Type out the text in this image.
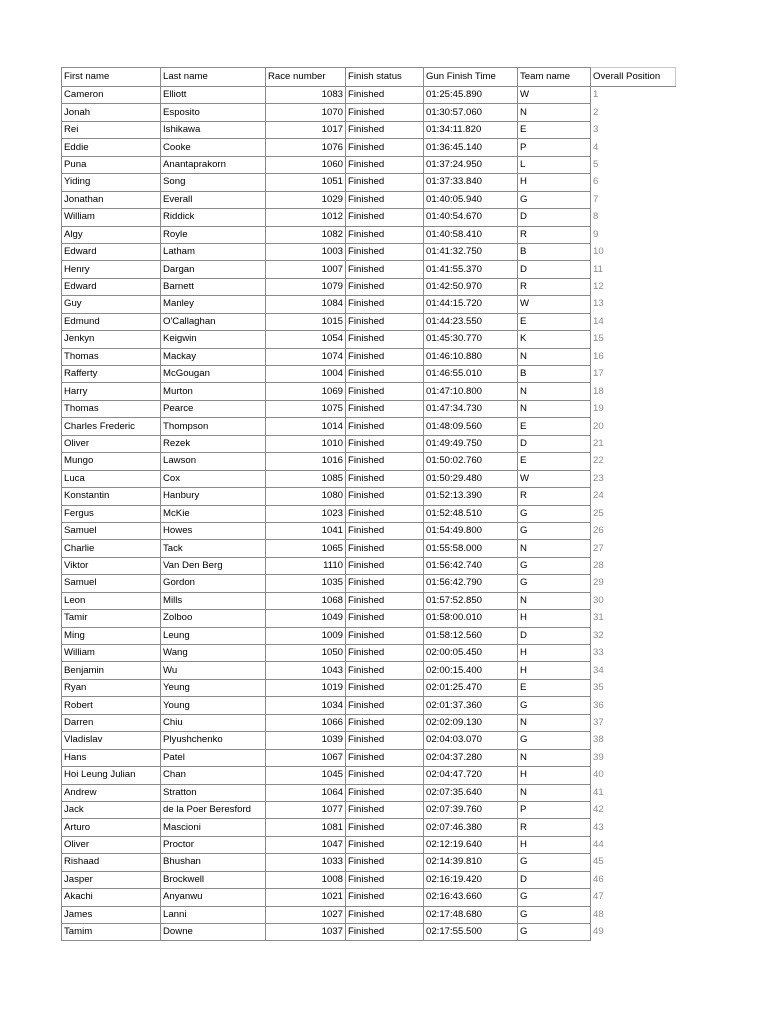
First name	Last name	Race number	Finish status	Gun Finish Time	Team name	Overall Position
Cameron	Elliott	1083	Finished	01:25:45.890	W	1
Jonah	Esposito	1070	Finished	01:30:57.060	N	2
Rei	Ishikawa	1017	Finished	01:34:11.820	E	3
Eddie	Cooke	1076	Finished	01:36:45.140	P	4
Puna	Anantaprakorn	1060	Finished	01:37:24.950	L	5
Yiding	Song	1051	Finished	01:37:33.840	H	6
Jonathan	Everall	1029	Finished	01:40:05.940	G	7
William	Riddick	1012	Finished	01:40:54.670	D	8
Algy	Royle	1082	Finished	01:40:58.410	R	9
Edward	Latham	1003	Finished	01:41:32.750	B	10
Henry	Dargan	1007	Finished	01:41:55.370	D	11
Edward	Barnett	1079	Finished	01:42:50.970	R	12
Guy	Manley	1084	Finished	01:44:15.720	W	13
Edmund	O'Callaghan	1015	Finished	01:44:23.550	E	14
Jenkyn	Keigwin	1054	Finished	01:45:30.770	K	15
Thomas	Mackay	1074	Finished	01:46:10.880	N	16
Rafferty	McGougan	1004	Finished	01:46:55.010	B	17
Harry	Murton	1069	Finished	01:47:10.800	N	18
Thomas	Pearce	1075	Finished	01:47:34.730	N	19
Charles Frederic	Thompson	1014	Finished	01:48:09.560	E	20
Oliver	Rezek	1010	Finished	01:49:49.750	D	21
Mungo	Lawson	1016	Finished	01:50:02.760	E	22
Luca	Cox	1085	Finished	01:50:29.480	W	23
Konstantin	Hanbury	1080	Finished	01:52:13.390	R	24
Fergus	McKie	1023	Finished	01:52:48.510	G	25
Samuel	Howes	1041	Finished	01:54:49.800	G	26
Charlie	Tack	1065	Finished	01:55:58.000	N	27
Viktor	Van Den Berg	1110	Finished	01:56:42.740	G	28
Samuel	Gordon	1035	Finished	01:56:42.790	G	29
Leon	Mills	1068	Finished	01:57:52.850	N	30
Tamir	Zolboo	1049	Finished	01:58:00.010	H	31
Ming	Leung	1009	Finished	01:58:12.560	D	32
William	Wang	1050	Finished	02:00:05.450	H	33
Benjamin	Wu	1043	Finished	02:00:15.400	H	34
Ryan	Yeung	1019	Finished	02:01:25.470	E	35
Robert	Young	1034	Finished	02:01:37.360	G	36
Darren	Chiu	1066	Finished	02:02:09.130	N	37
Vladislav	Plyushchenko	1039	Finished	02:04:03.070	G	38
Hans	Patel	1067	Finished	02:04:37.280	N	39
Hoi Leung Julian	Chan	1045	Finished	02:04:47.720	H	40
Andrew	Stratton	1064	Finished	02:07:35.640	N	41
Jack	de la Poer Beresford	1077	Finished	02:07:39.760	P	42
Arturo	Mascioni	1081	Finished	02:07:46.380	R	43
Oliver	Proctor	1047	Finished	02:12:19.640	H	44
Rishaad	Bhushan	1033	Finished	02:14:39.810	G	45
Jasper	Brockwell	1008	Finished	02:16:19.420	D	46
Akachi	Anyanwu	1021	Finished	02:16:43.660	G	47
James	Lanni	1027	Finished	02:17:48.680	G	48
Tamim	Downe	1037	Finished	02:17:55.500	G	49
